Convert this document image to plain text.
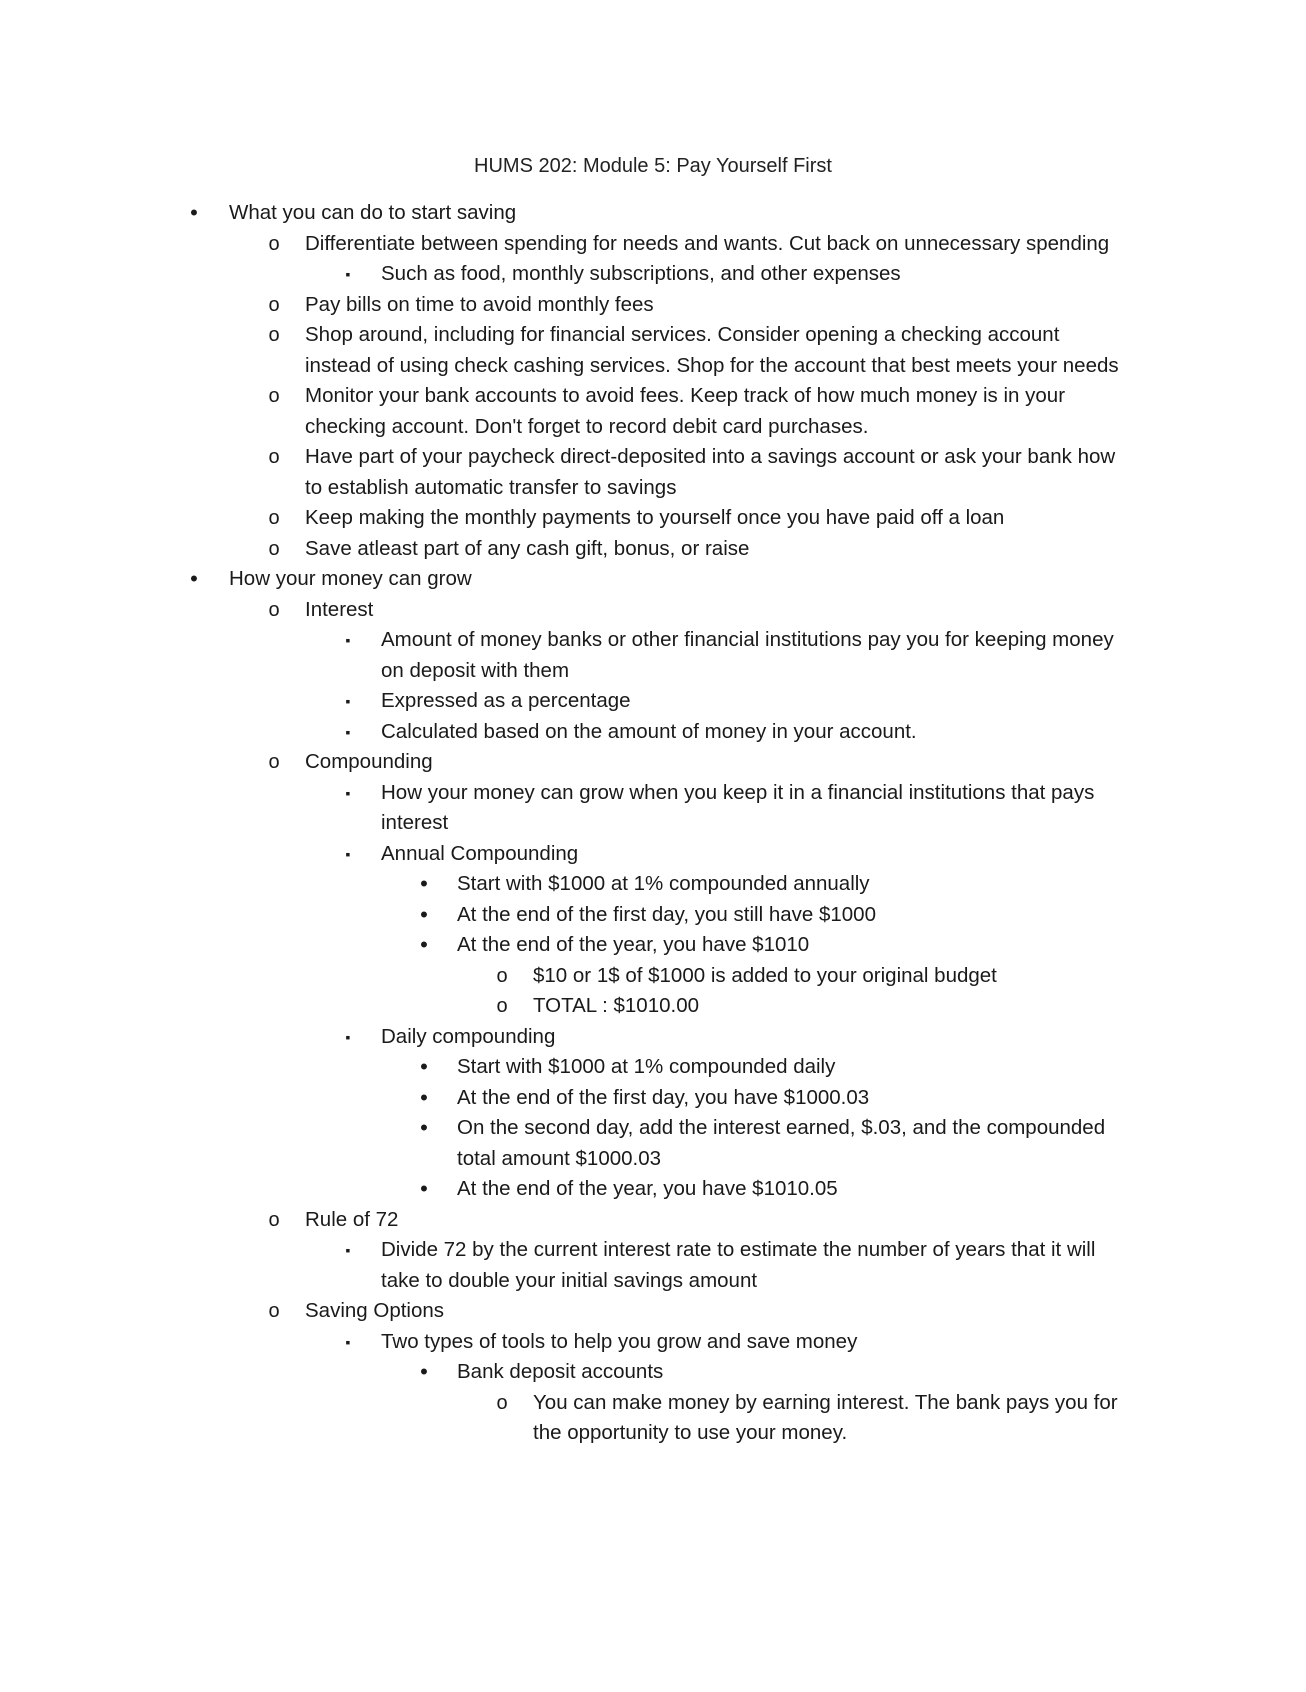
HUMS 202: Module 5: Pay Yourself First
•
What you can do to start saving
o
Differentiate between spending for needs and wants. Cut back on unnecessary spending
▪
Such as food, monthly subscriptions, and other expenses
o
Pay bills on time to avoid monthly fees
o
Shop around, including for financial services. Consider opening a checking account instead of using check cashing services. Shop for the account that best meets your needs
o
Monitor your bank accounts to avoid fees. Keep track of how much money is in your checking account. Don't forget to record debit card purchases.
o
Have part of your paycheck direct-deposited into a savings account or ask your bank how to establish automatic transfer to savings
o
Keep making the monthly payments to yourself once you have paid off a loan
o
Save atleast part of any cash gift, bonus, or raise
•
How your money can grow
o
Interest
▪
Amount of money banks or other financial institutions pay you for keeping money on deposit with them
▪
Expressed as a percentage
▪
Calculated based on the amount of money in your account.
o
Compounding
▪
How your money can grow when you keep it in a financial institutions that pays interest
▪
Annual Compounding
•
Start with $1000 at 1% compounded annually
•
At the end of the first day, you still have $1000
•
At the end of the year, you have $1010
o
$10 or 1$ of $1000 is added to your original budget
o
TOTAL : $1010.00
▪
Daily compounding
•
Start with $1000 at 1% compounded daily
•
At the end of the first day, you have $1000.03
•
On the second day, add the interest earned, $.03, and the compounded total amount $1000.03
•
At the end of the year, you have $1010.05
o
Rule of 72
▪
Divide 72 by the current interest rate to estimate the number of years that it will take to double your initial savings amount
o
Saving Options
▪
Two types of tools to help you grow and save money
•
Bank deposit accounts
o
You can make money by earning interest. The bank pays you for the opportunity to use your money.
